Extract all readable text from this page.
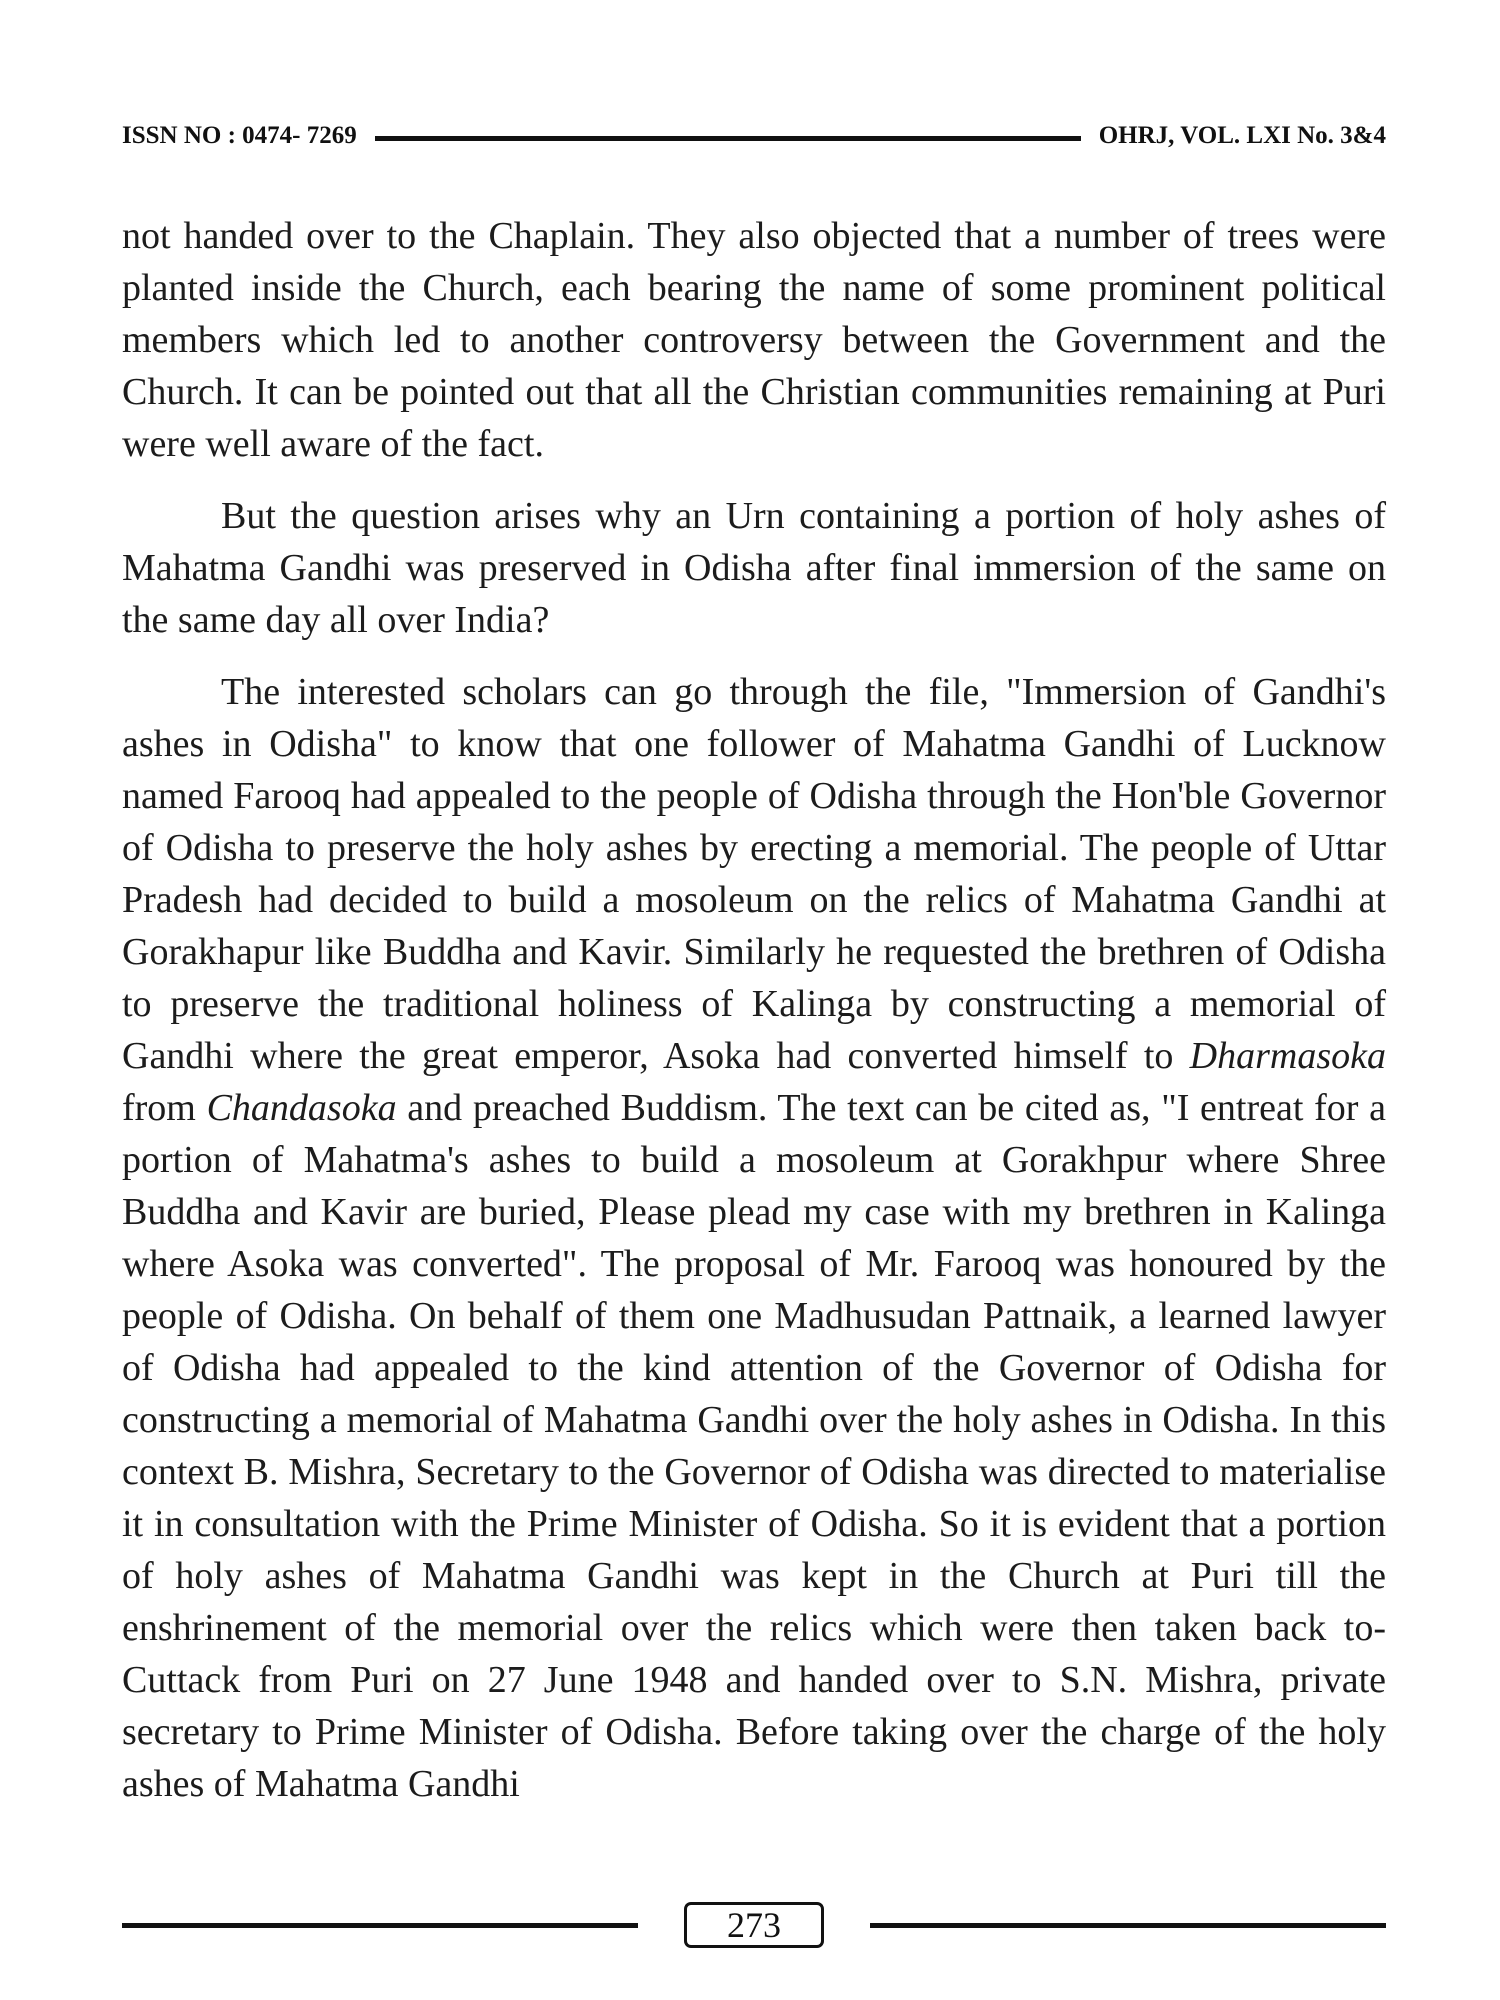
ISSN NO : 0474- 7269	OHRJ, VOL. LXI No. 3&4

not handed over to the Chaplain. They also objected that a number of trees were planted inside the Church, each bearing the name of some prominent political members which led to another controversy between the Government and the Church. It can be pointed out that all the Christian communities remaining at Puri were well aware of the fact.

But the question arises why an Urn containing a portion of holy ashes of Mahatma Gandhi was preserved in Odisha after final immersion of the same on the same day all over India?

The interested scholars can go through the file, "Immersion of Gandhi's ashes in Odisha" to know that one follower of Mahatma Gandhi of Lucknow named Farooq had appealed to the people of Odisha through the Hon'ble Governor of Odisha to preserve the holy ashes by erecting a memorial. The people of Uttar Pradesh had decided to build a mosoleum on the relics of Mahatma Gandhi at Gorakhapur like Buddha and Kavir. Similarly he requested the brethren of Odisha to preserve the traditional holiness of Kalinga by constructing a memorial of Gandhi where the great emperor, Asoka had converted himself to Dharmasoka from Chandasoka and preached Buddism. The text can be cited as, "I entreat for a portion of Mahatma's ashes to build a mosoleum at Gorakhpur where Shree Buddha and Kavir are buried, Please plead my case with my brethren in Kalinga where Asoka was converted". The proposal of Mr. Farooq was honoured by the people of Odisha. On behalf of them one Madhusudan Pattnaik, a learned lawyer of Odisha had appealed to the kind attention of the Governor of Odisha for constructing a memorial of Mahatma Gandhi over the holy ashes in Odisha. In this context B. Mishra, Secretary to the Governor of Odisha was directed to materialise it in consultation with the Prime Minister of Odisha. So it is evident that a portion of holy ashes of Mahatma Gandhi was kept in the Church at Puri till the enshrinement of the memorial over the relics which were then taken back to- Cuttack from Puri on 27 June 1948 and handed over to S.N. Mishra, private secretary to Prime Minister of Odisha. Before taking over the charge of the holy ashes of Mahatma Gandhi

273
